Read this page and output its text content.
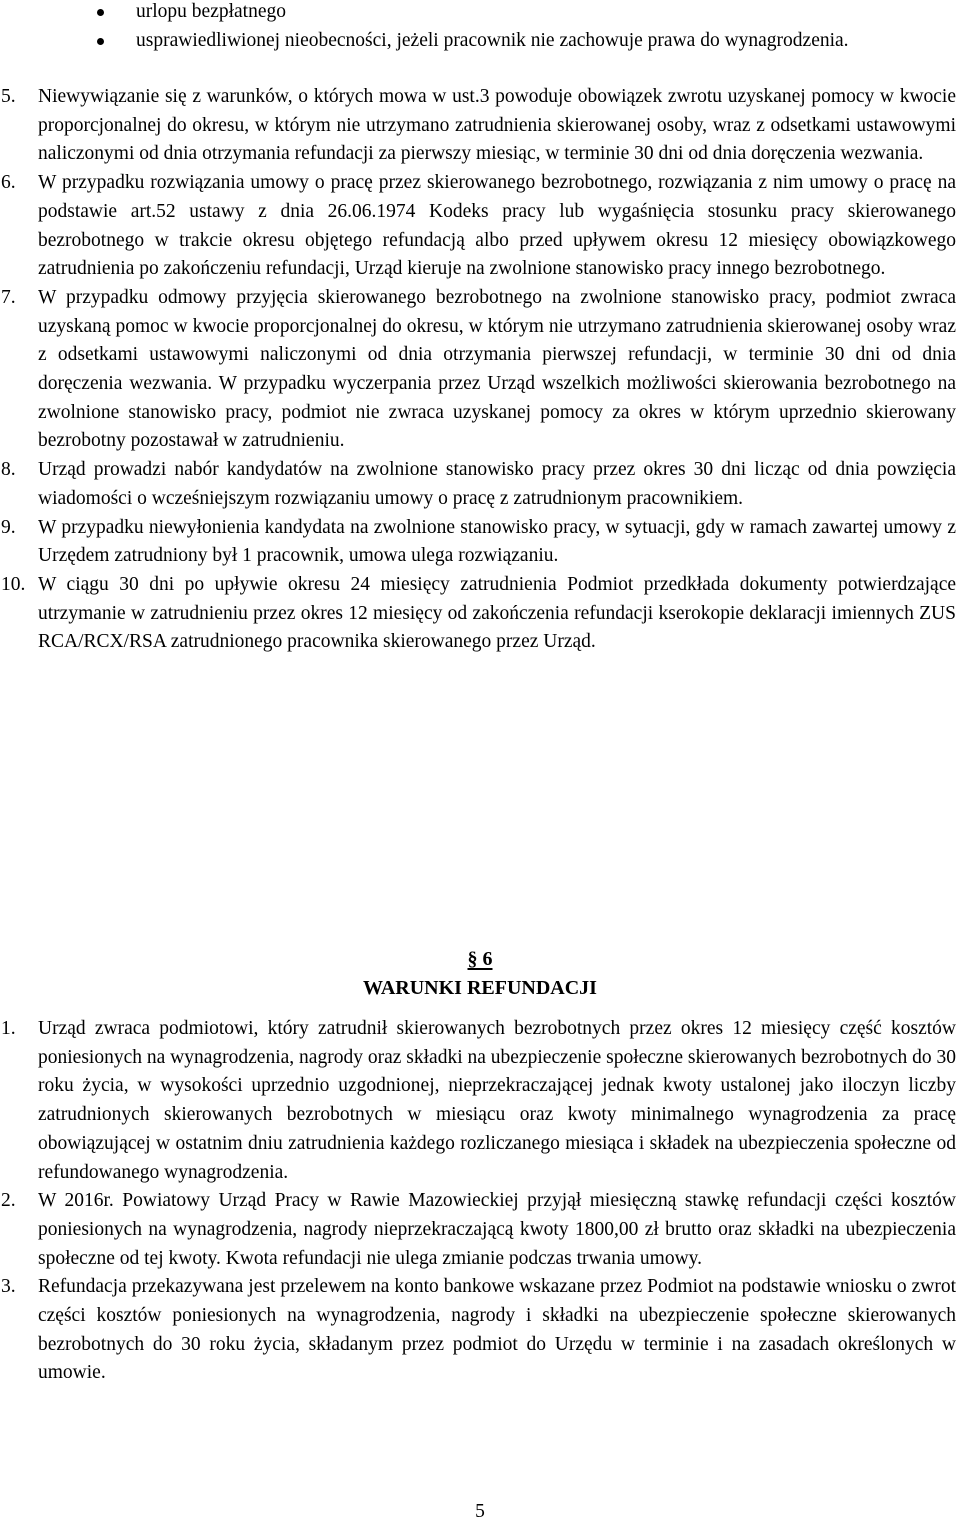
urlopu bezpłatnego
usprawiedliwionej nieobecności, jeżeli pracownik nie zachowuje prawa do wynagrodzenia.
5. Niewywiązanie się z warunków, o których mowa w ust.3 powoduje obowiązek zwrotu uzyskanej pomocy w kwocie proporcjonalnej do okresu, w którym nie utrzymano zatrudnienia skierowanej osoby, wraz z odsetkami ustawowymi naliczonymi od dnia otrzymania refundacji za pierwszy miesiąc, w terminie 30 dni od dnia doręczenia wezwania.
6. W przypadku rozwiązania umowy o pracę przez skierowanego bezrobotnego, rozwiązania z nim umowy o pracę na podstawie art.52 ustawy z dnia 26.06.1974 Kodeks pracy lub wygaśnięcia stosunku pracy skierowanego bezrobotnego w trakcie okresu objętego refundacją albo przed upływem okresu 12 miesięcy obowiązkowego zatrudnienia po zakończeniu refundacji, Urząd kieruje na zwolnione stanowisko pracy innego bezrobotnego.
7. W przypadku odmowy przyjęcia skierowanego bezrobotnego na zwolnione stanowisko pracy, podmiot zwraca uzyskaną pomoc w kwocie proporcjonalnej do okresu, w którym nie utrzymano zatrudnienia skierowanej osoby wraz z odsetkami ustawowymi naliczonymi od dnia otrzymania pierwszej refundacji, w terminie 30 dni od dnia doręczenia wezwania. W przypadku wyczerpania przez Urząd wszelkich możliwości skierowania bezrobotnego na zwolnione stanowisko pracy, podmiot nie zwraca uzyskanej pomocy za okres w którym uprzednio skierowany bezrobotny pozostawał w zatrudnieniu.
8. Urząd prowadzi nabór kandydatów na zwolnione stanowisko pracy przez okres 30 dni licząc od dnia powzięcia wiadomości o wcześniejszym rozwiązaniu umowy o pracę z zatrudnionym pracownikiem.
9. W przypadku niewyłonienia kandydata na zwolnione stanowisko pracy, w sytuacji, gdy w ramach zawartej umowy z Urzędem zatrudniony był 1 pracownik, umowa ulega rozwiązaniu.
10. W ciągu 30 dni po upływie okresu 24 miesięcy zatrudnienia Podmiot przedkłada dokumenty potwierdzające utrzymanie w zatrudnieniu przez okres 12 miesięcy od zakończenia refundacji kserokopie deklaracji imiennych ZUS RCA/RCX/RSA zatrudnionego pracownika skierowanego przez Urząd.
§ 6
WARUNKI REFUNDACJI
1. Urząd zwraca podmiotowi, który zatrudnił skierowanych bezrobotnych przez okres 12 miesięcy część kosztów poniesionych na wynagrodzenia, nagrody oraz składki na ubezpieczenie społeczne skierowanych bezrobotnych do 30 roku życia, w wysokości uprzednio uzgodnionej, nieprzekraczającej jednak kwoty ustalonej jako iloczyn liczby zatrudnionych skierowanych bezrobotnych w miesiącu oraz kwoty minimalnego wynagrodzenia za pracę obowiązującej w ostatnim dniu zatrudnienia każdego rozliczanego miesiąca i składek na ubezpieczenia społeczne od refundowanego wynagrodzenia.
2. W 2016r. Powiatowy Urząd Pracy w Rawie Mazowieckiej przyjął miesięczną stawkę refundacji części kosztów poniesionych na wynagrodzenia, nagrody nieprzekraczającą kwoty 1800,00 zł brutto oraz składki na ubezpieczenia społeczne od tej kwoty. Kwota refundacji nie ulega zmianie podczas trwania umowy.
3. Refundacja przekazywana jest przelewem na konto bankowe wskazane przez Podmiot na podstawie wniosku o zwrot części kosztów poniesionych na wynagrodzenia, nagrody i składki na ubezpieczenie społeczne skierowanych bezrobotnych do 30 roku życia, składanym przez podmiot do Urzędu w terminie i na zasadach określonych w umowie.
5
